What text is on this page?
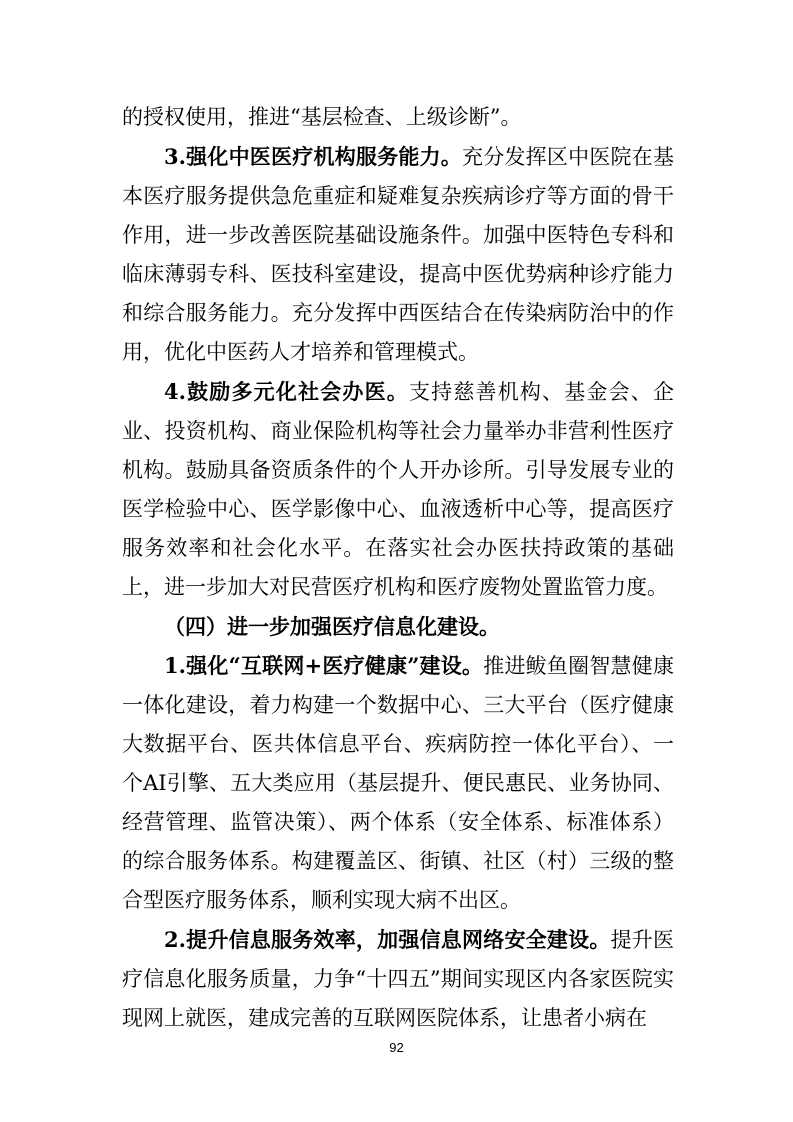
的授权使用，推进“基层检查、上级诊断”。

3.强化中医医疗机构服务能力。充分发挥区中医院在基本医疗服务提供急危重症和疑难复杂疾病诊疗等方面的骨干作用，进一步改善医院基础设施条件。加强中医特色专科和临床薄弱专科、医技科室建设，提高中医优势病种诊疗能力和综合服务能力。充分发挥中西医结合在传染病防治中的作用，优化中医药人才培养和管理模式。

4.鼓励多元化社会办医。支持慈善机构、基金会、企业、投资机构、商业保险机构等社会力量举办非营利性医疗机构。鼓励具备资质条件的个人开办诊所。引导发展专业的医学检验中心、医学影像中心、血液透析中心等，提高医疗服务效率和社会化水平。在落实社会办医扶持政策的基础上，进一步加大对民营医疗机构和医疗废物处置监管力度。

（四）进一步加强医疗信息化建设。

1.强化“互联网+医疗健康”建设。推进鲅鱼圈智慧健康一体化建设，着力构建一个数据中心、三大平台（医疗健康大数据平台、医共体信息平台、疾病防控一体化平台）、一个AI引擎、五大类应用（基层提升、便民惠民、业务协同、经营管理、监管决策）、两个体系（安全体系、标准体系）的综合服务体系。构建覆盖区、街镇、社区（村）三级的整合型医疗服务体系，顺利实现大病不出区。

2.提升信息服务效率，加强信息网络安全建设。提升医疗信息化服务质量，力争“十四五”期间实现区内各家医院实现网上就医，建成完善的互联网医院体系，让患者小病在

92
